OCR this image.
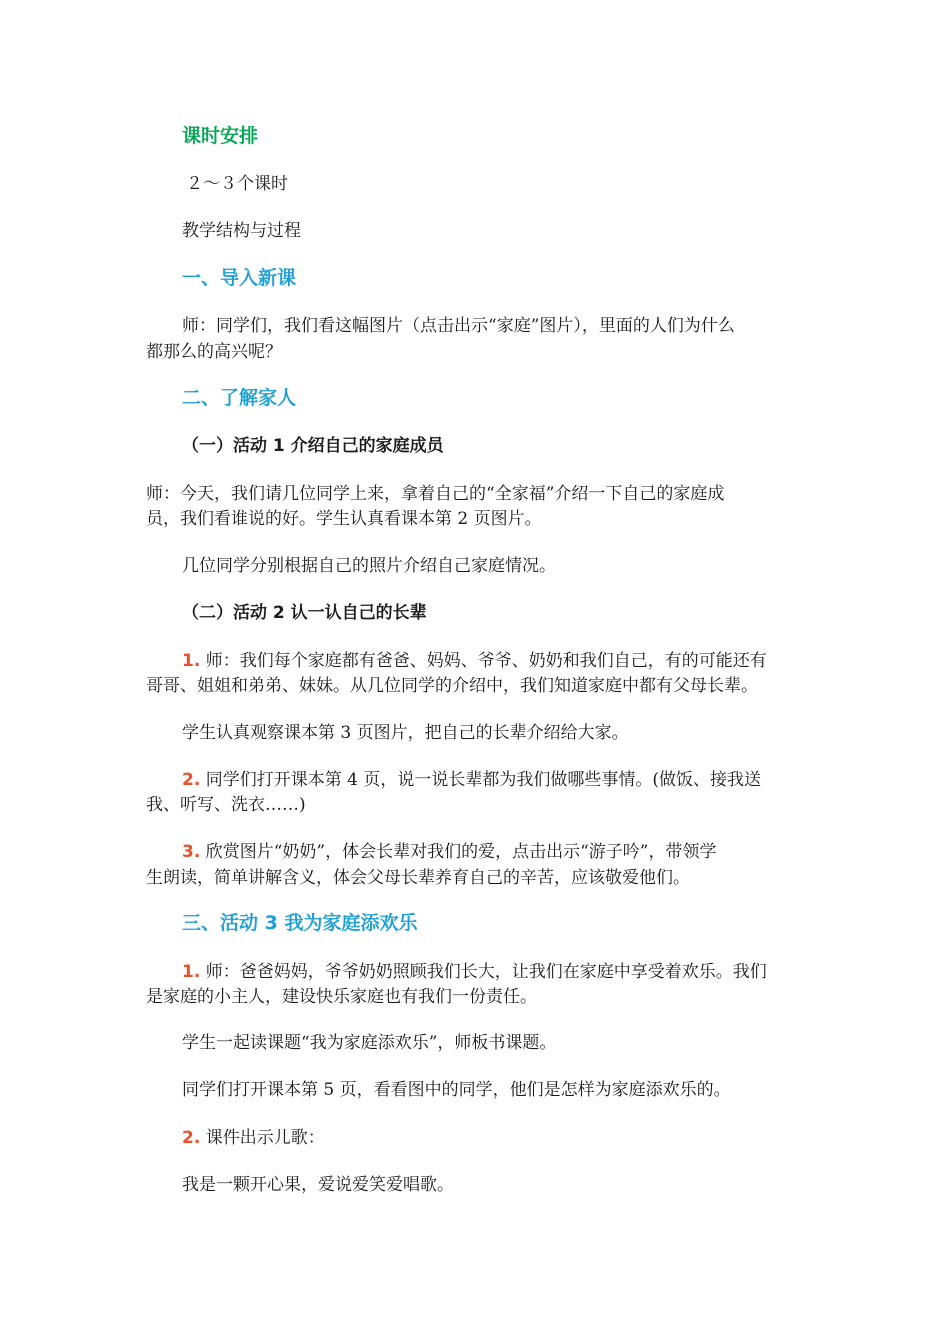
课时安排

２～３个课时

教学结构与过程

一、导入新课

师：同学们，我们看这幅图片（点击出示“家庭”图片），里面的人们为什么

都那么的高兴呢？

二、了解家人

（一）活动 1 介绍自己的家庭成员

师：今天，我们请几位同学上来，拿着自己的“全家福”介绍一下自己的家庭成

员，我们看谁说的好。学生认真看课本第 2 页图片。

几位同学分别根据自己的照片介绍自己家庭情况。

（二）活动 2 认一认自己的长辈

1. 师：我们每个家庭都有爸爸、妈妈、爷爷、奶奶和我们自己，有的可能还有

哥哥、姐姐和弟弟、妹妹。从几位同学的介绍中，我们知道家庭中都有父母长辈。

学生认真观察课本第 3 页图片，把自己的长辈介绍给大家。

2. 同学们打开课本第 4 页，说一说长辈都为我们做哪些事情。(做饭、接我送

我、听写、洗衣……)

3. 欣赏图片“奶奶”，体会长辈对我们的爱，点击出示“游子吟”，带领学

生朗读，简单讲解含义，体会父母长辈养育自己的辛苦，应该敬爱他们。

三、活动 3 我为家庭添欢乐

1. 师：爸爸妈妈，爷爷奶奶照顾我们长大，让我们在家庭中享受着欢乐。我们

是家庭的小主人，建设快乐家庭也有我们一份责任。

学生一起读课题“我为家庭添欢乐”，师板书课题。

同学们打开课本第 5 页，看看图中的同学，他们是怎样为家庭添欢乐的。

2. 课件出示儿歌：

我是一颗开心果，爱说爱笑爱唱歌。
